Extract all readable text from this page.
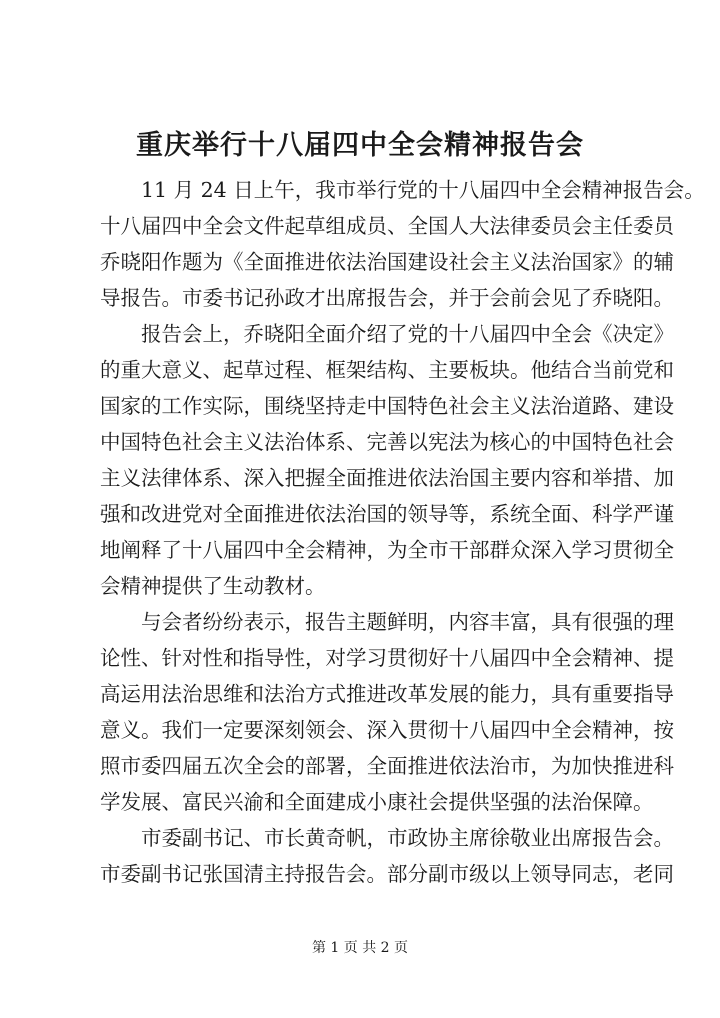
重庆举行十八届四中全会精神报告会
11 月 24 日上午，我市举行党的十八届四中全会精神报告会。
十八届四中全会文件起草组成员、全国人大法律委员会主任委员
乔晓阳作题为《全面推进依法治国建设社会主义法治国家》的辅
导报告。市委书记孙政才出席报告会，并于会前会见了乔晓阳。
报告会上，乔晓阳全面介绍了党的十八届四中全会《决定》
的重大意义、起草过程、框架结构、主要板块。他结合当前党和
国家的工作实际，围绕坚持走中国特色社会主义法治道路、建设
中国特色社会主义法治体系、完善以宪法为核心的中国特色社会
主义法律体系、深入把握全面推进依法治国主要内容和举措、加
强和改进党对全面推进依法治国的领导等，系统全面、科学严谨
地阐释了十八届四中全会精神，为全市干部群众深入学习贯彻全
会精神提供了生动教材。
与会者纷纷表示，报告主题鲜明，内容丰富，具有很强的理
论性、针对性和指导性，对学习贯彻好十八届四中全会精神、提
高运用法治思维和法治方式推进改革发展的能力，具有重要指导
意义。我们一定要深刻领会、深入贯彻十八届四中全会精神，按
照市委四届五次全会的部署，全面推进依法治市，为加快推进科
学发展、富民兴渝和全面建成小康社会提供坚强的法治保障。
市委副书记、市长黄奇帆，市政协主席徐敬业出席报告会。
市委副书记张国清主持报告会。部分副市级以上领导同志，老同
第 1 页 共 2 页
